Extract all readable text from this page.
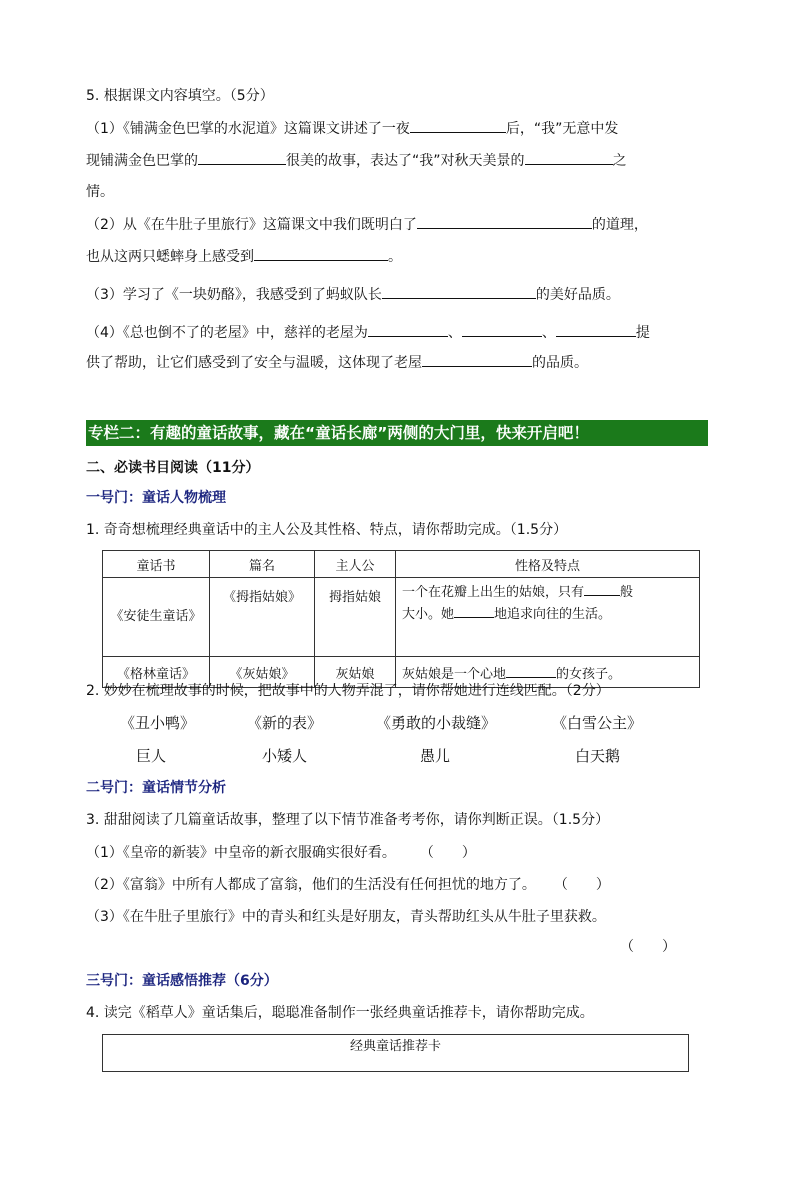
5. 根据课文内容填空。（5分）
（1）《铺满金色巴掌的水泥道》这篇课文讲述了一夜	后，“我”无意中发
现铺满金色巴掌的	很美的故事，表达了“我”对秋天美景的	之
情。
（2）从《在牛肚子里旅行》这篇课文中我们既明白了	的道理，
也从这两只蟋蟀身上感受到	。
（3）学习了《一块奶酪》，我感受到了蚂蚁队长	的美好品质。
（4）《总也倒不了的老屋》中，慈祥的老屋为	、	、	提
供了帮助，让它们感受到了安全与温暖，这体现了老屋	的品质。
专栏二：有趣的童话故事，藏在“童话长廊”两侧的大门里，快来开启吧！
二、必读书目阅读（11分）
一号门：童话人物梳理
1. 奇奇想梳理经典童话中的主人公及其性格、特点，请你帮助完成。（1.5分）
童话书	篇名	主人公	性格及特点
《安徒生童话》	《拇指姑娘》	拇指姑娘	一个在花瓣上出生的姑娘，只有 般
大小。她 地追求向往的生活。
《格林童话》	《灰姑娘》	灰姑娘	灰姑娘是一个心地 的女孩子。
2. 妙妙在梳理故事的时候，把故事中的人物弄混了，请你帮她进行连线匹配。（2分）
《丑小鸭》	《新的表》	《勇敢的小裁缝》	《白雪公主》
巨人	小矮人	愚儿	白天鹅
二号门：童话情节分析
3. 甜甜阅读了几篇童话故事，整理了以下情节准备考考你，请你判断正误。（1.5分）
（1）《皇帝的新装》中皇帝的新衣服确实很好看。 （　　）
（2）《富翁》中所有人都成了富翁，他们的生活没有任何担忧的地方了。 （　　）
（3）《在牛肚子里旅行》中的青头和红头是好朋友，青头帮助红头从牛肚子里获救。
（　　）
三号门：童话感悟推荐（6分）
4. 读完《稻草人》童话集后，聪聪准备制作一张经典童话推荐卡，请你帮助完成。
经典童话推荐卡
